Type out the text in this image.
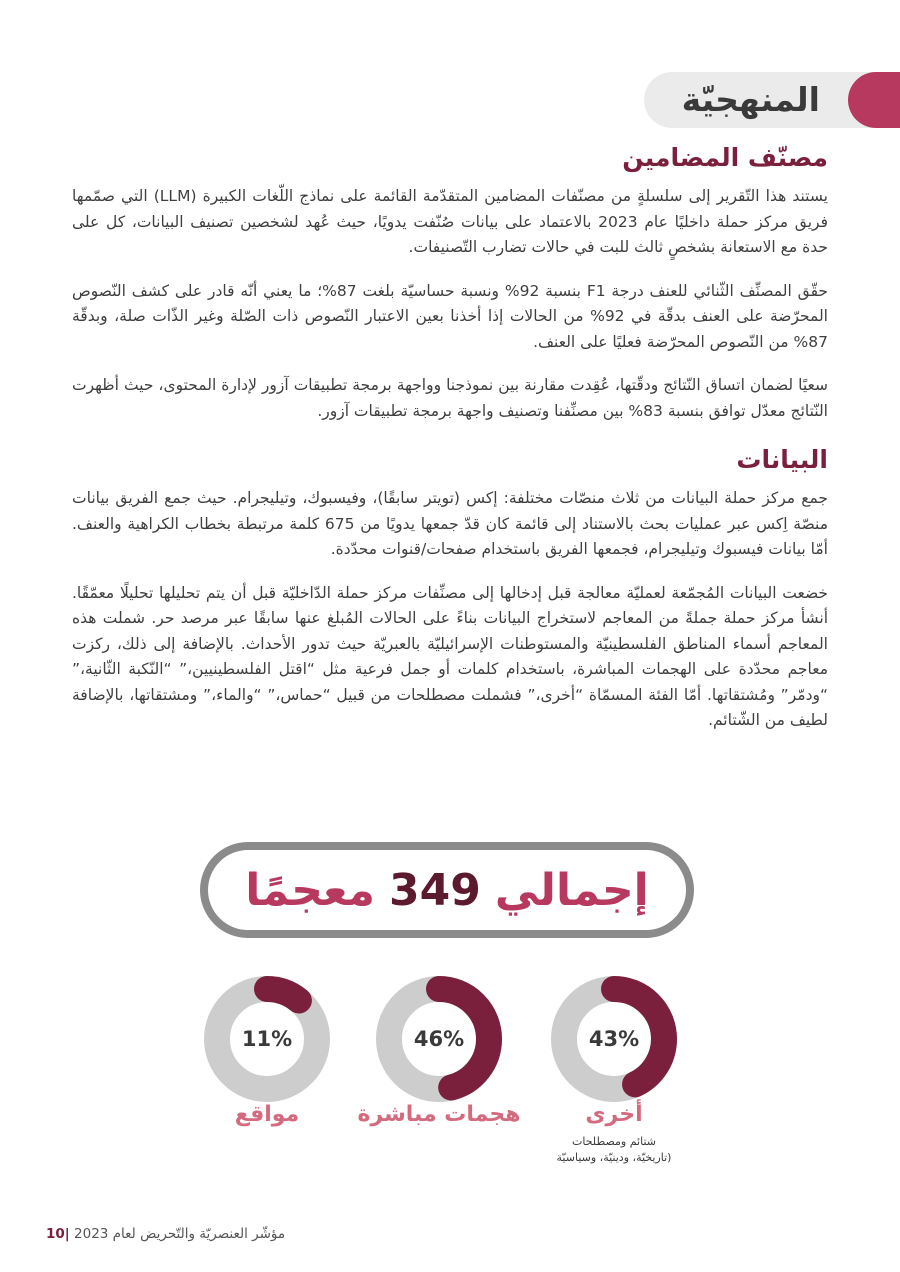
المنهجيّة
مصنّف المضامين

يستند هذا التّقرير إلى سلسلةٍ من مصنّفات المضامين المتقدّمة القائمة على نماذج اللّغات الكبيرة (LLM) التي صمّمها فريق مركز حملة داخليًا عام 2023 بالاعتماد على بيانات صُنّفت يدويًا، حيث عُهد لشخصين تصنيف البيانات، كل على حدة مع الاستعانة بشخصٍ ثالث للبت في حالات تضارب التّصنيفات.

حقّق المصنِّف الثّنائي للعنف درجة F1 بنسبة 92% ونسبة حساسيّة بلغت 87%؛ ما يعني أنّه قادر على كشف النّصوص المحرّضة على العنف بدقّة في 92% من الحالات إذا أخذنا بعين الاعتبار النّصوص ذات الصّلة وغير الذّات صلة، وبدقّة 87% من النّصوص المحرّضة فعليًا على العنف.

سعيًا لضمان اتساق النّتائج ودقّتها، عُقِدت مقارنة بين نموذجنا وواجهة برمجة تطبيقات آزور لإدارة المحتوى، حيث أظهرت النّتائج معدّل توافق بنسبة 83% بين مصنِّفنا وتصنيف واجهة برمجة تطبيقات آزور.

البيانات

جمع مركز حملة البيانات من ثلاث منصّات مختلفة: إكس (تويتر سابقًا)، وفيسبوك، وتيليجرام. حيث جمع الفريق بيانات منصّة اِكس عبر عمليات بحث بالاستناد إلى قائمة كان قدّ جمعها يدويًا من 675 كلمة مرتبطة بخطاب الكراهية والعنف. أمّا بيانات فيسبوك وتيليجرام، فجمعها الفريق باستخدام صفحات/قنوات محدّدة.

خضعت البيانات المُجمّعة لعمليّة معالجة قبل إدخالها إلى مصنِّفات مركز حملة الدّاخليّة قبل أن يتم تحليلها تحليلًا معمّقًا. أنشأ مركز حملة جملةً من المعاجم لاستخراج البيانات بناءً على الحالات المُبلغ عنها سابقًا عبر مرصد حر. شملت هذه المعاجم أسماء المناطق الفلسطينيّة والمستوطنات الإسرائيليّة بالعبريّة حيث تدور الأحداث. بالإضافة إلى ذلك، ركزت معاجم محدّدة على الهجمات المباشرة، باستخدام كلمات أو جمل فرعية مثل “اقتل الفلسطينيين،” “النّكبة الثّانية،” “ودمّر” ومُشتقاتها. أمّا الفئة المسمّاة “أخرى،” فشملت مصطلحات من قبيل “حماس،” “والماء،” ومشتقاتها، بالإضافة لطيف من الشّتائم.

إجمالي
349
معجمًا
43%
46%
11%
أخرى
شتائم ومصطلحات
(تاريخيّة، ودينيّة، وسياسيّة
هجمات مباشرة
مواقع
10| مؤشّر العنصريّة والتّحريض لعام 2023
